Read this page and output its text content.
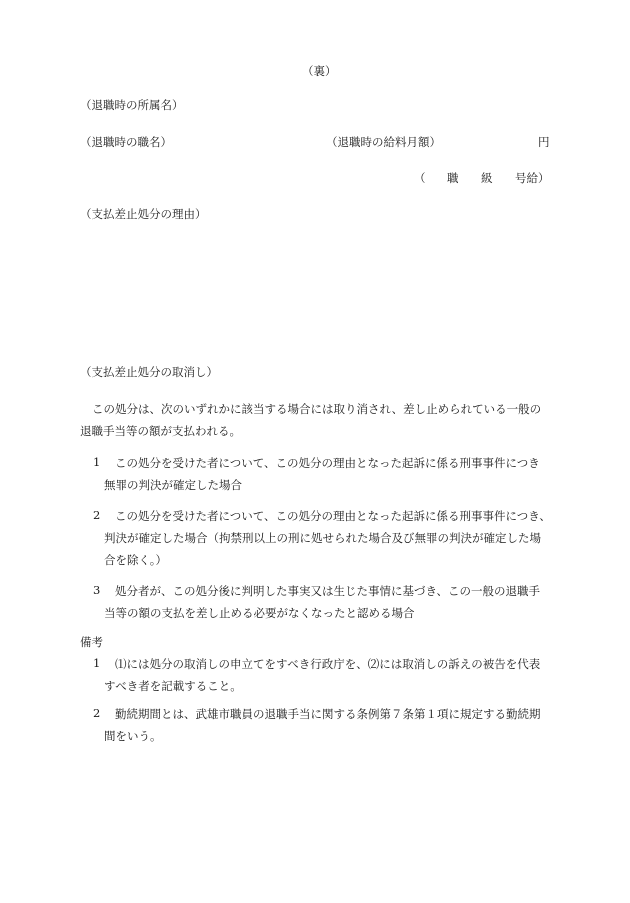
（裏）
（退職時の所属名）
（退職時の職名）	（退職時の給料月額）	円
（ 職 級 号給）
（支払差止処分の理由）
（支払差止処分の取消し）
この処分は、次のいずれかに該当する場合には取り消され、差し止められている一般の
退職手当等の額が支払われる。
1 この処分を受けた者について、この処分の理由となった起訴に係る刑事事件につき
無罪の判決が確定した場合
2 この処分を受けた者について、この処分の理由となった起訴に係る刑事事件につき、
判決が確定した場合（拘禁刑以上の刑に処せられた場合及び無罪の判決が確定した場
合を除く。）
3 処分者が、この処分後に判明した事実又は生じた事情に基づき、この一般の退職手
当等の額の支払を差し止める必要がなくなったと認める場合
備考
1 ⑴には処分の取消しの申立てをすべき行政庁を、⑵には取消しの訴えの被告を代表
すべき者を記載すること。
2 勤続期間とは、武雄市職員の退職手当に関する条例第７条第１項に規定する勤続期
間をいう。
